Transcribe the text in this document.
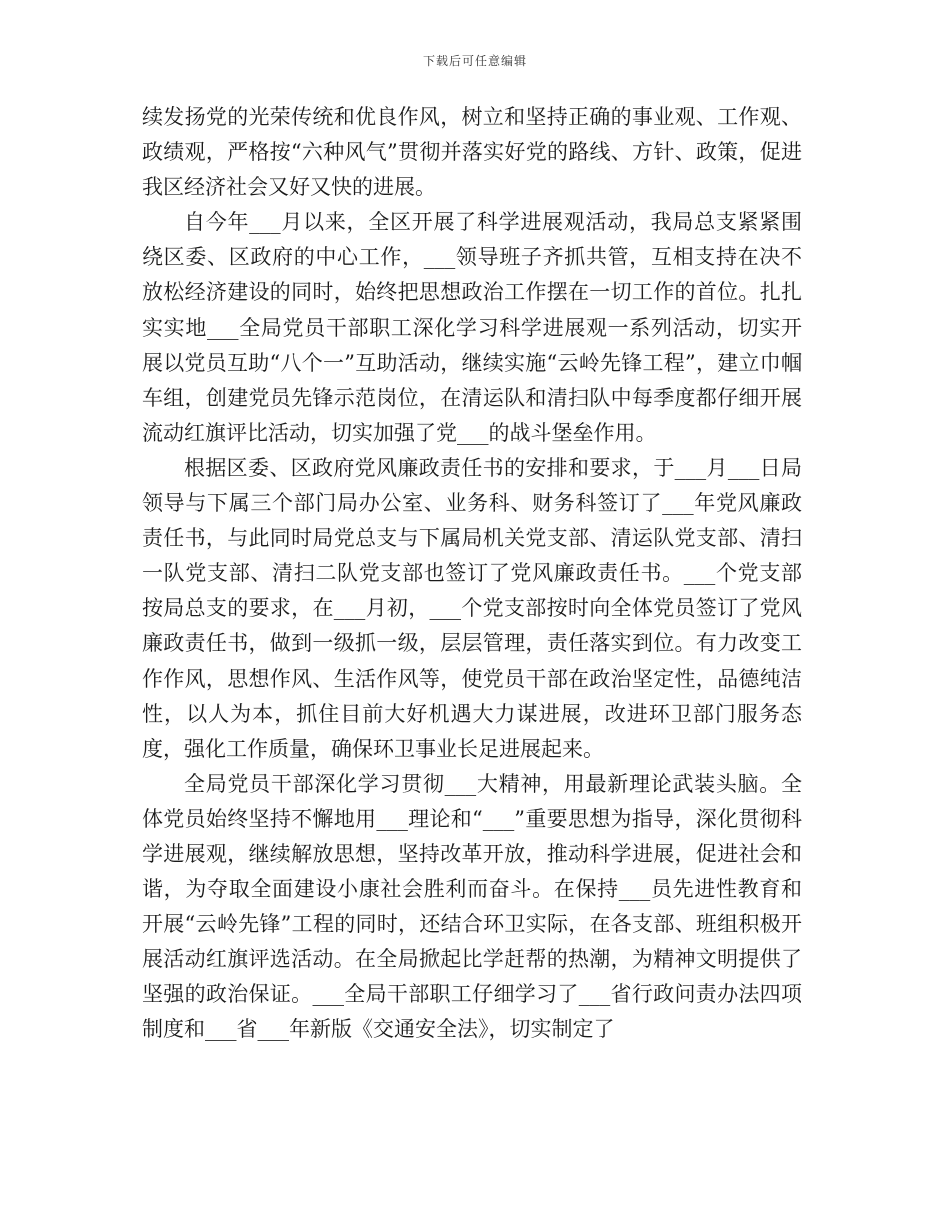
下载后可任意编辑

续发扬党的光荣传统和优良作风，树立和坚持正确的事业观、工作观、政绩观，严格按“六种风气”贯彻并落实好党的路线、方针、政策，促进我区经济社会又好又快的进展。

自今年___月以来，全区开展了科学进展观活动，我局总支紧紧围绕区委、区政府的中心工作，___领导班子齐抓共管，互相支持在决不放松经济建设的同时，始终把思想政治工作摆在一切工作的首位。扎扎实实地___全局党员干部职工深化学习科学进展观一系列活动，切实开展以党员互助“八个一”互助活动，继续实施“云岭先锋工程”，建立巾帼车组，创建党员先锋示范岗位，在清运队和清扫队中每季度都仔细开展流动红旗评比活动，切实加强了党___的战斗堡垒作用。

根据区委、区政府党风廉政责任书的安排和要求，于___月___日局领导与下属三个部门局办公室、业务科、财务科签订了___年党风廉政责任书，与此同时局党总支与下属局机关党支部、清运队党支部、清扫一队党支部、清扫二队党支部也签订了党风廉政责任书。___个党支部按局总支的要求，在___月初，___个党支部按时向全体党员签订了党风廉政责任书，做到一级抓一级，层层管理，责任落实到位。有力改变工作作风，思想作风、生活作风等，使党员干部在政治坚定性，品德纯洁性，以人为本，抓住目前大好机遇大力谋进展，改进环卫部门服务态度，强化工作质量，确保环卫事业长足进展起来。

全局党员干部深化学习贯彻___大精神，用最新理论武装头脑。全体党员始终坚持不懈地用___理论和“___”重要思想为指导，深化贯彻科学进展观，继续解放思想，坚持改革开放，推动科学进展，促进社会和谐，为夺取全面建设小康社会胜利而奋斗。在保持___员先进性教育和开展“云岭先锋”工程的同时，还结合环卫实际，在各支部、班组积极开展活动红旗评选活动。在全局掀起比学赶帮的热潮，为精神文明提供了坚强的政治保证。___全局干部职工仔细学习了___省行政问责办法四项制度和___省___年新版《交通安全法》，切实制定了
